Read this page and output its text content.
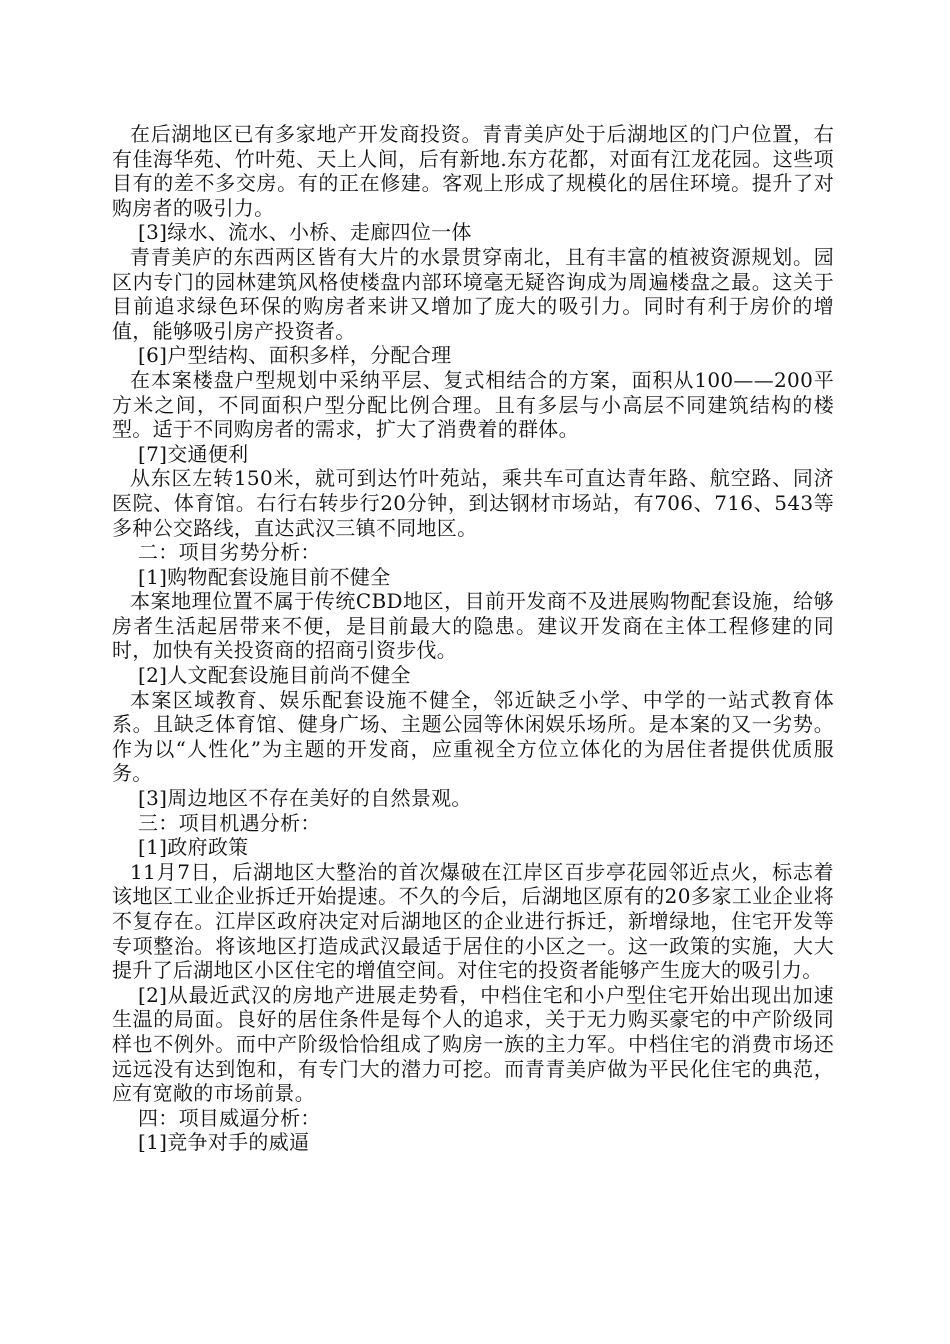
在后湖地区已有多家地产开发商投资。青青美庐处于后湖地区的门户位置，右有佳海华苑、竹叶苑、天上人间，后有新地.东方花都，对面有江龙花园。这些项目有的差不多交房。有的正在修建。客观上形成了规模化的居住环境。提升了对购房者的吸引力。

[3]绿水、流水、小桥、走廊四位一体

青青美庐的东西两区皆有大片的水景贯穿南北，且有丰富的植被资源规划。园区内专门的园林建筑风格使楼盘内部环境毫无疑咨询成为周遍楼盘之最。这关于目前追求绿色环保的购房者来讲又增加了庞大的吸引力。同时有利于房价的增值，能够吸引房产投资者。

[6]户型结构、面积多样，分配合理

在本案楼盘户型规划中采纳平层、复式相结合的方案，面积从100——200平方米之间，不同面积户型分配比例合理。且有多层与小高层不同建筑结构的楼型。适于不同购房者的需求，扩大了消费着的群体。

[7]交通便利

从东区左转150米，就可到达竹叶苑站，乘共车可直达青年路、航空路、同济医院、体育馆。右行右转步行20分钟，到达钢材市场站，有706、716、543等多种公交路线，直达武汉三镇不同地区。

二：项目劣势分析：

[1]购物配套设施目前不健全

本案地理位置不属于传统CBD地区，目前开发商不及进展购物配套设施，给够房者生活起居带来不便，是目前最大的隐患。建议开发商在主体工程修建的同时，加快有关投资商的招商引资步伐。

[2]人文配套设施目前尚不健全

本案区域教育、娱乐配套设施不健全，邻近缺乏小学、中学的一站式教育体系。且缺乏体育馆、健身广场、主题公园等休闲娱乐场所。是本案的又一劣势。作为以“人性化”为主题的开发商，应重视全方位立体化的为居住者提供优质服务。

[3]周边地区不存在美好的自然景观。

三：项目机遇分析：

[1]政府政策

11月7日，后湖地区大整治的首次爆破在江岸区百步亭花园邻近点火，标志着该地区工业企业拆迁开始提速。不久的今后，后湖地区原有的20多家工业企业将不复存在。江岸区政府决定对后湖地区的企业进行拆迁，新增绿地，住宅开发等专项整治。将该地区打造成武汉最适于居住的小区之一。这一政策的实施，大大提升了后湖地区小区住宅的增值空间。对住宅的投资者能够产生庞大的吸引力。

[2]从最近武汉的房地产进展走势看，中档住宅和小户型住宅开始出现出加速生温的局面。良好的居住条件是每个人的追求，关于无力购买豪宅的中产阶级同样也不例外。而中产阶级恰恰组成了购房一族的主力军。中档住宅的消费市场还远远没有达到饱和，有专门大的潜力可挖。而青青美庐做为平民化住宅的典范，应有宽敞的市场前景。

四：项目威逼分析：

[1]竞争对手的威逼
